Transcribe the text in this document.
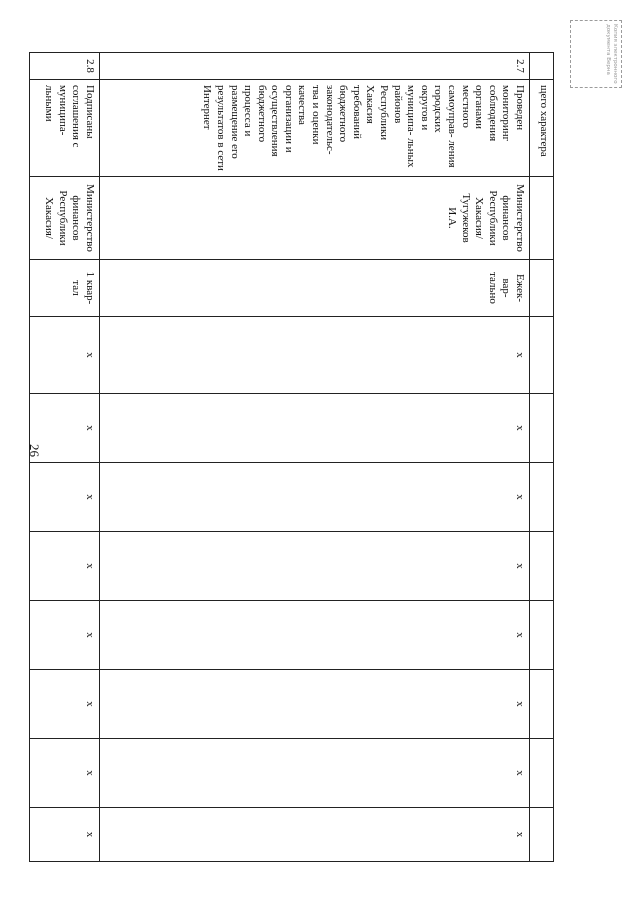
26
	щего характера										
2.7	Проведен мониторинг соблюдения органами местного самоуправ- ления городских округов и муниципа- льных районов Республики Хакасия требований бюджетного законодательс- тва и оценки качества организации и осуществления бюджетного процесса и размещение его результатов в сети Интернет	Министерство финансов Республики Хакасия/ Тугужеков И.А.	Ежек- вар- тально	х	х	х	х	х	х	х	х
2.8	Подписаны соглашения с муниципа- льными	Министерство финансов Республики Хакасия/	1 квар- тал	х	х	х	х	х	х	х	х
Копия электронного документа Верна
